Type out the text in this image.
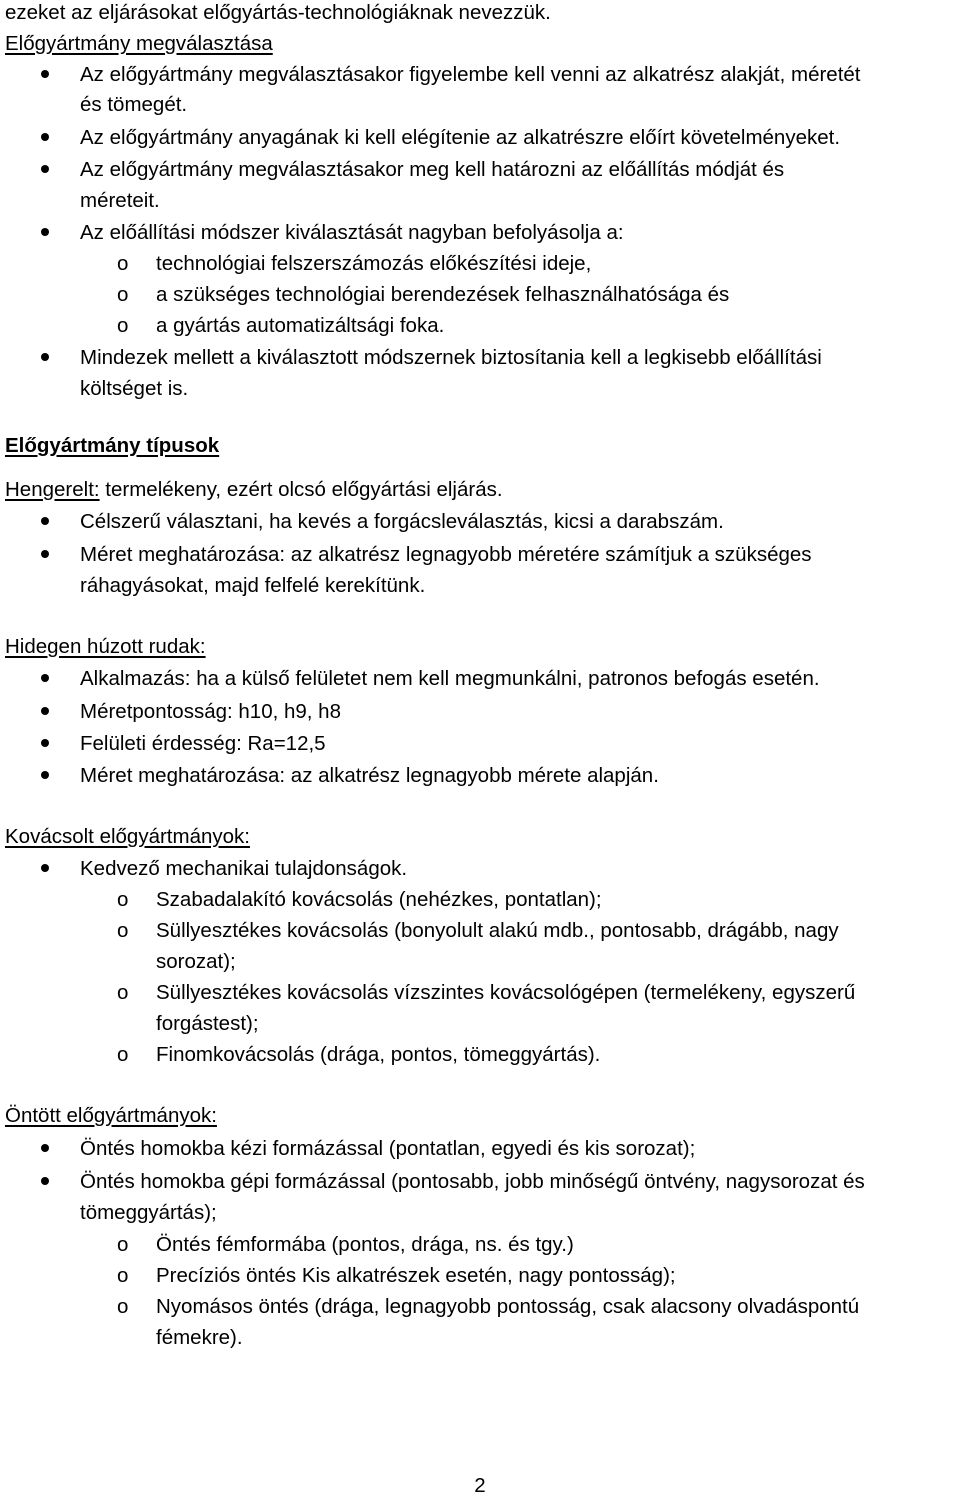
ezeket az eljárásokat előgyártás-technológiáknak nevezzük.
Előgyártmány megválasztása
Az előgyártmány megválasztásakor figyelembe kell venni az alkatrész alakját, méretét
és tömegét.
Az előgyártmány anyagának ki kell elégítenie az alkatrészre előírt követelményeket.
Az előgyártmány megválasztásakor meg kell határozni az előállítás módját és
méreteit.
Az előállítási módszer kiválasztását nagyban befolyásolja a:
o technológiai felszerszámozás előkészítési ideje,
o a szükséges technológiai berendezések felhasználhatósága és
o a gyártás automatizáltsági foka.
Mindezek mellett a kiválasztott módszernek biztosítania kell a legkisebb előállítási
költséget is.
Előgyártmány típusok
Hengerelt: termelékeny, ezért olcsó előgyártási eljárás.
Célszerű választani, ha kevés a forgácsleválasztás, kicsi a darabszám.
Méret meghatározása: az alkatrész legnagyobb méretére számítjuk a szükséges
ráhagyásokat, majd felfelé kerekítünk.
Hidegen húzott rudak:
Alkalmazás: ha a külső felületet nem kell megmunkálni, patronos befogás esetén.
Méretpontosság: h10, h9, h8
Felületi érdesség: Ra=12,5
Méret meghatározása: az alkatrész legnagyobb mérete alapján.
Kovácsolt előgyártmányok:
Kedvező mechanikai tulajdonságok.
o Szabadalakító kovácsolás (nehézkes, pontatlan);
o Süllyesztékes kovácsolás (bonyolult alakú mdb., pontosabb, drágább, nagy
sorozat);
o Süllyesztékes kovácsolás vízszintes kovácsológépen (termelékeny, egyszerű
forgástest);
o Finomkovácsolás (drága, pontos, tömeggyártás).
Öntött előgyártmányok:
Öntés homokba kézi formázással (pontatlan, egyedi és kis sorozat);
Öntés homokba gépi formázással (pontosabb, jobb minőségű öntvény, nagysorozat és
tömeggyártás);
o Öntés fémformába (pontos, drága, ns. és tgy.)
o Precíziós öntés Kis alkatrészek esetén, nagy pontosság);
o Nyomásos öntés (drága, legnagyobb pontosság, csak alacsony olvadáspontú
fémekre).
2
